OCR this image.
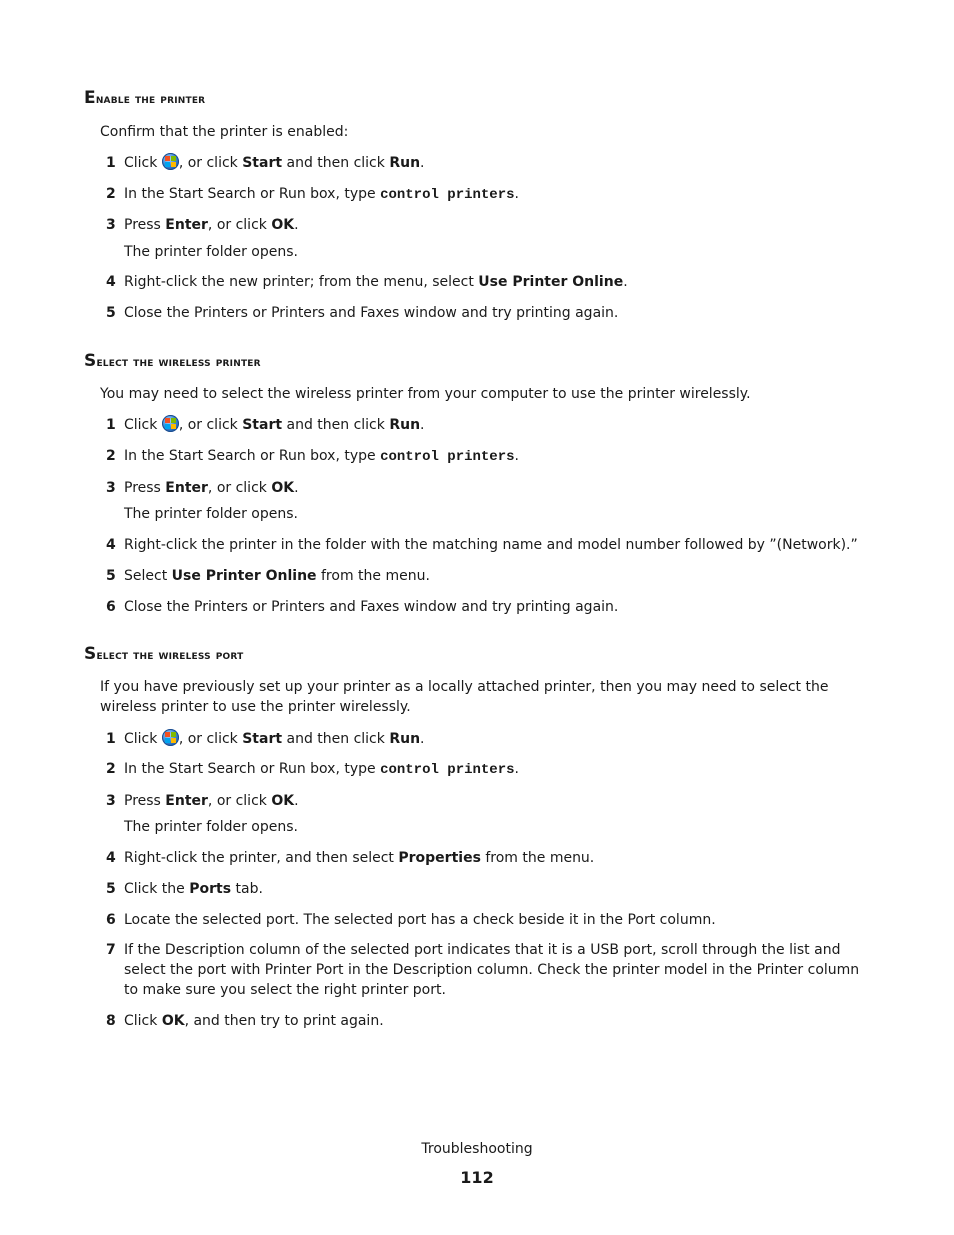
Enable the printer
Confirm that the printer is enabled:
1 Click
, or click Start and then click Run.
2 In the Start Search or Run box, type control printers.
3 Press Enter, or click OK.
The printer folder opens.
4 Right-click the new printer; from the menu, select Use Printer Online.
5 Close the Printers or Printers and Faxes window and try printing again.
Select the wireless printer
You may need to select the wireless printer from your computer to use the printer wirelessly.
1 Click
, or click Start and then click Run.
2 In the Start Search or Run box, type control printers.
3 Press Enter, or click OK.
The printer folder opens.
4 Right-click the printer in the folder with the matching name and model number followed by ”(Network).”
5 Select Use Printer Online from the menu.
6 Close the Printers or Printers and Faxes window and try printing again.
Select the wireless port
If you have previously set up your printer as a locally attached printer, then you may need to select the wireless printer to use the printer wirelessly.
1 Click
, or click Start and then click Run.
2 In the Start Search or Run box, type control printers.
3 Press Enter, or click OK.
The printer folder opens.
4 Right-click the printer, and then select Properties from the menu.
5 Click the Ports tab.
6 Locate the selected port. The selected port has a check beside it in the Port column.
7 If the Description column of the selected port indicates that it is a USB port, scroll through the list and select the port with Printer Port in the Description column. Check the printer model in the Printer column to make sure you select the right printer port.
8 Click OK, and then try to print again.
Troubleshooting
112
